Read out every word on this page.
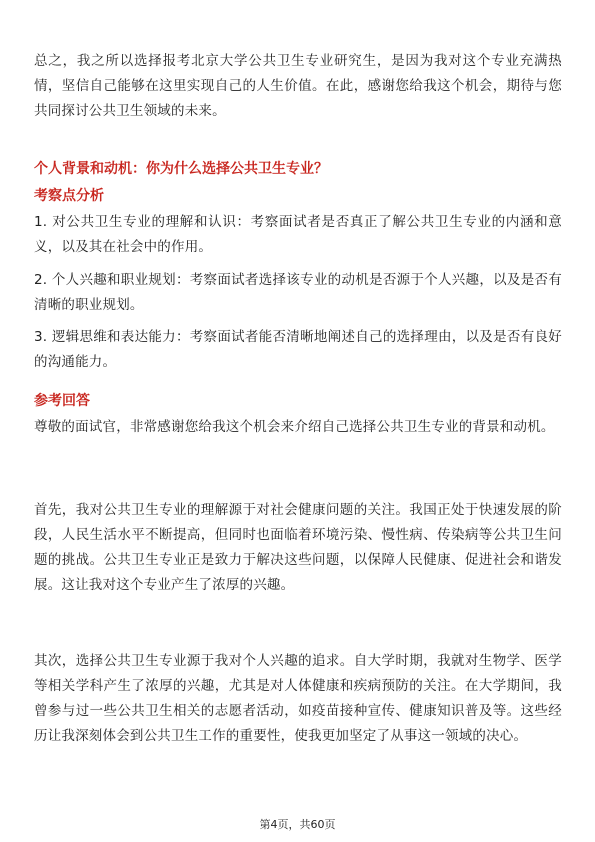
总之，我之所以选择报考北京大学公共卫生专业研究生，是因为我对这个专业充满热情，坚信自己能够在这里实现自己的人生价值。在此，感谢您给我这个机会，期待与您共同探讨公共卫生领域的未来。

个人背景和动机：你为什么选择公共卫生专业？
考察点分析

1. 对公共卫生专业的理解和认识：考察面试者是否真正了解公共卫生专业的内涵和意义，以及其在社会中的作用。

2. 个人兴趣和职业规划：考察面试者选择该专业的动机是否源于个人兴趣，以及是否有清晰的职业规划。

3. 逻辑思维和表达能力：考察面试者能否清晰地阐述自己的选择理由，以及是否有良好的沟通能力。

参考回答

尊敬的面试官，非常感谢您给我这个机会来介绍自己选择公共卫生专业的背景和动机。

首先，我对公共卫生专业的理解源于对社会健康问题的关注。我国正处于快速发展的阶段，人民生活水平不断提高，但同时也面临着环境污染、慢性病、传染病等公共卫生问题的挑战。公共卫生专业正是致力于解决这些问题，以保障人民健康、促进社会和谐发展。这让我对这个专业产生了浓厚的兴趣。

其次，选择公共卫生专业源于我对个人兴趣的追求。自大学时期，我就对生物学、医学等相关学科产生了浓厚的兴趣，尤其是对人体健康和疾病预防的关注。在大学期间，我曾参与过一些公共卫生相关的志愿者活动，如疫苗接种宣传、健康知识普及等。这些经历让我深刻体会到公共卫生工作的重要性，使我更加坚定了从事这一领域的决心。

第4页，共60页
